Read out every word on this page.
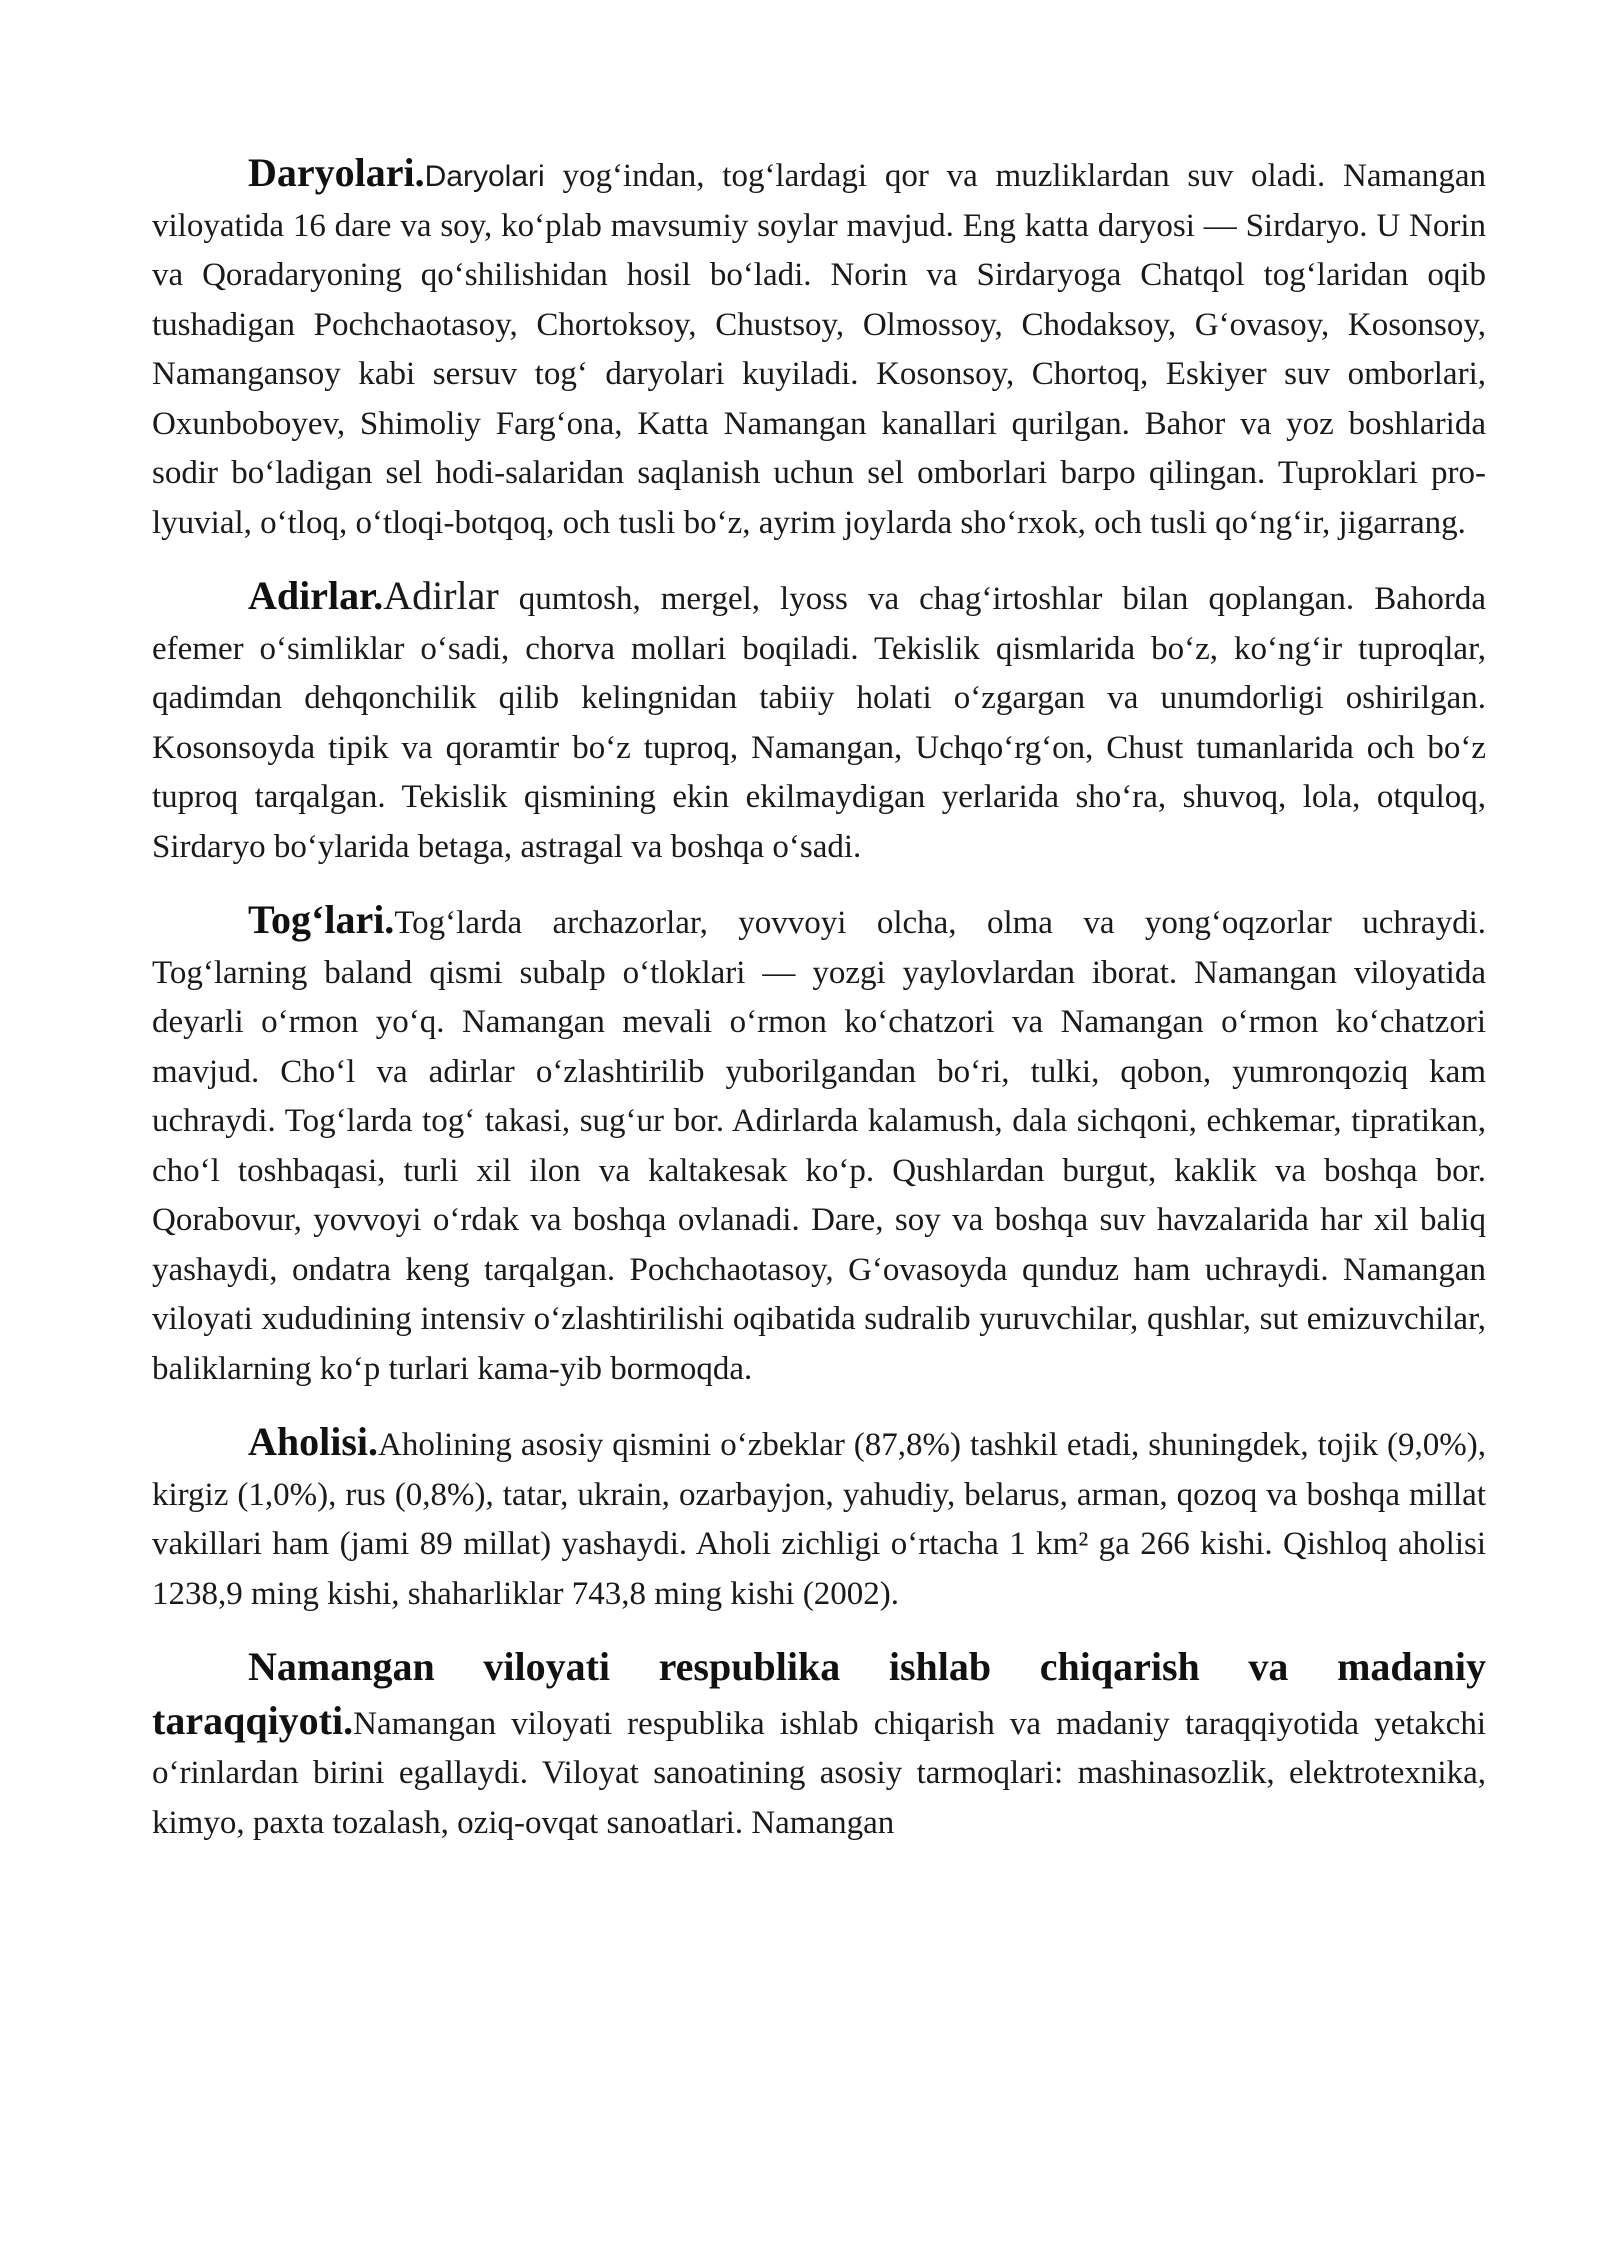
Daryolari.Daryolari yog‘indan, tog‘lardagi qor va muzliklardan suv oladi. Namangan viloyatida 16 dare va soy, ko‘plab mavsumiy soylar mavjud. Eng katta daryosi — Sirdaryo. U Norin va Qoradaryoning qo‘shilishidan hosil bo‘ladi. Norin va Sirdaryoga Chatqol tog‘laridan oqib tushadigan Pochchaotasoy, Chortoksoy, Chustsoy, Olmossoy, Chodaksoy, G‘ovasoy, Kosonsoy, Namangansoy kabi sersuv tog‘ daryolari kuyiladi. Kosonsoy, Chortoq, Eskiyer suv omborlari, Oxunboboyev, Shimoliy Farg‘ona, Katta Namangan kanallari qurilgan. Bahor va yoz boshlarida sodir bo‘ladigan sel hodi-salaridan saqlanish uchun sel omborlari barpo qilingan. Tuproklari pro-lyuvial, o‘tloq, o‘tloqi-botqoq, och tusli bo‘z, ayrim joylarda sho‘rxok, och tusli qo‘ng‘ir, jigarrang.

Adirlar.Adirlar qumtosh, mergel, lyoss va chag‘irtoshlar bilan qoplangan. Bahorda efemer o‘simliklar o‘sadi, chorva mollari boqiladi. Tekislik qismlarida bo‘z, ko‘ng‘ir tuproqlar, qadimdan dehqonchilik qilib kelingnidan tabiiy holati o‘zgargan va unumdorligi oshirilgan. Kosonsoyda tipik va qoramtir bo‘z tuproq, Namangan, Uchqo‘rg‘on, Chust tumanlarida och bo‘z tuproq tarqalgan. Tekislik qismining ekin ekilmaydigan yerlarida sho‘ra, shuvoq, lola, otquloq, Sirdaryo bo‘ylarida betaga, astragal va boshqa o‘sadi.

Tog‘lari.Tog‘larda archazorlar, yovvoyi olcha, olma va yong‘oqzorlar uchraydi. Tog‘larning baland qismi subalp o‘tloklari — yozgi yaylovlardan iborat. Namangan viloyatida deyarli o‘rmon yo‘q. Namangan mevali o‘rmon ko‘chatzori va Namangan o‘rmon ko‘chatzori mavjud. Cho‘l va adirlar o‘zlashtirilib yuborilgandan bo‘ri, tulki, qobon, yumronqoziq kam uchraydi. Tog‘larda tog‘ takasi, sug‘ur bor. Adirlarda kalamush, dala sichqoni, echkemar, tipratikan, cho‘l toshbaqasi, turli xil ilon va kaltakesak ko‘p. Qushlardan burgut, kaklik va boshqa bor. Qorabovur, yovvoyi o‘rdak va boshqa ovlanadi. Dare, soy va boshqa suv havzalarida har xil baliq yashaydi, ondatra keng tarqalgan. Pochchaotasoy, G‘ovasoyda qunduz ham uchraydi. Namangan viloyati xududining intensiv o‘zlashtirilishi oqibatida sudralib yuruvchilar, qushlar, sut emizuvchilar, baliklarning ko‘p turlari kama-yib bormoqda.

Aholisi.Aholining asosiy qismini o‘zbeklar (87,8%) tashkil etadi, shuningdek, tojik (9,0%), kirgiz (1,0%), rus (0,8%), tatar, ukrain, ozarbayjon, yahudiy, belarus, arman, qozoq va boshqa millat vakillari ham (jami 89 millat) yashaydi. Aholi zichligi o‘rtacha 1 km² ga 266 kishi. Qishloq aholisi 1238,9 ming kishi, shaharliklar 743,8 ming kishi (2002).

Namangan viloyati respublika ishlab chiqarish va madaniy taraqqiyoti.Namangan viloyati respublika ishlab chiqarish va madaniy taraqqiyotida yetakchi o‘rinlardan birini egallaydi. Viloyat sanoatining asosiy tarmoqlari: mashinasozlik, elektrotexnika, kimyo, paxta tozalash, oziq-ovqat sanoatlari. Namangan
